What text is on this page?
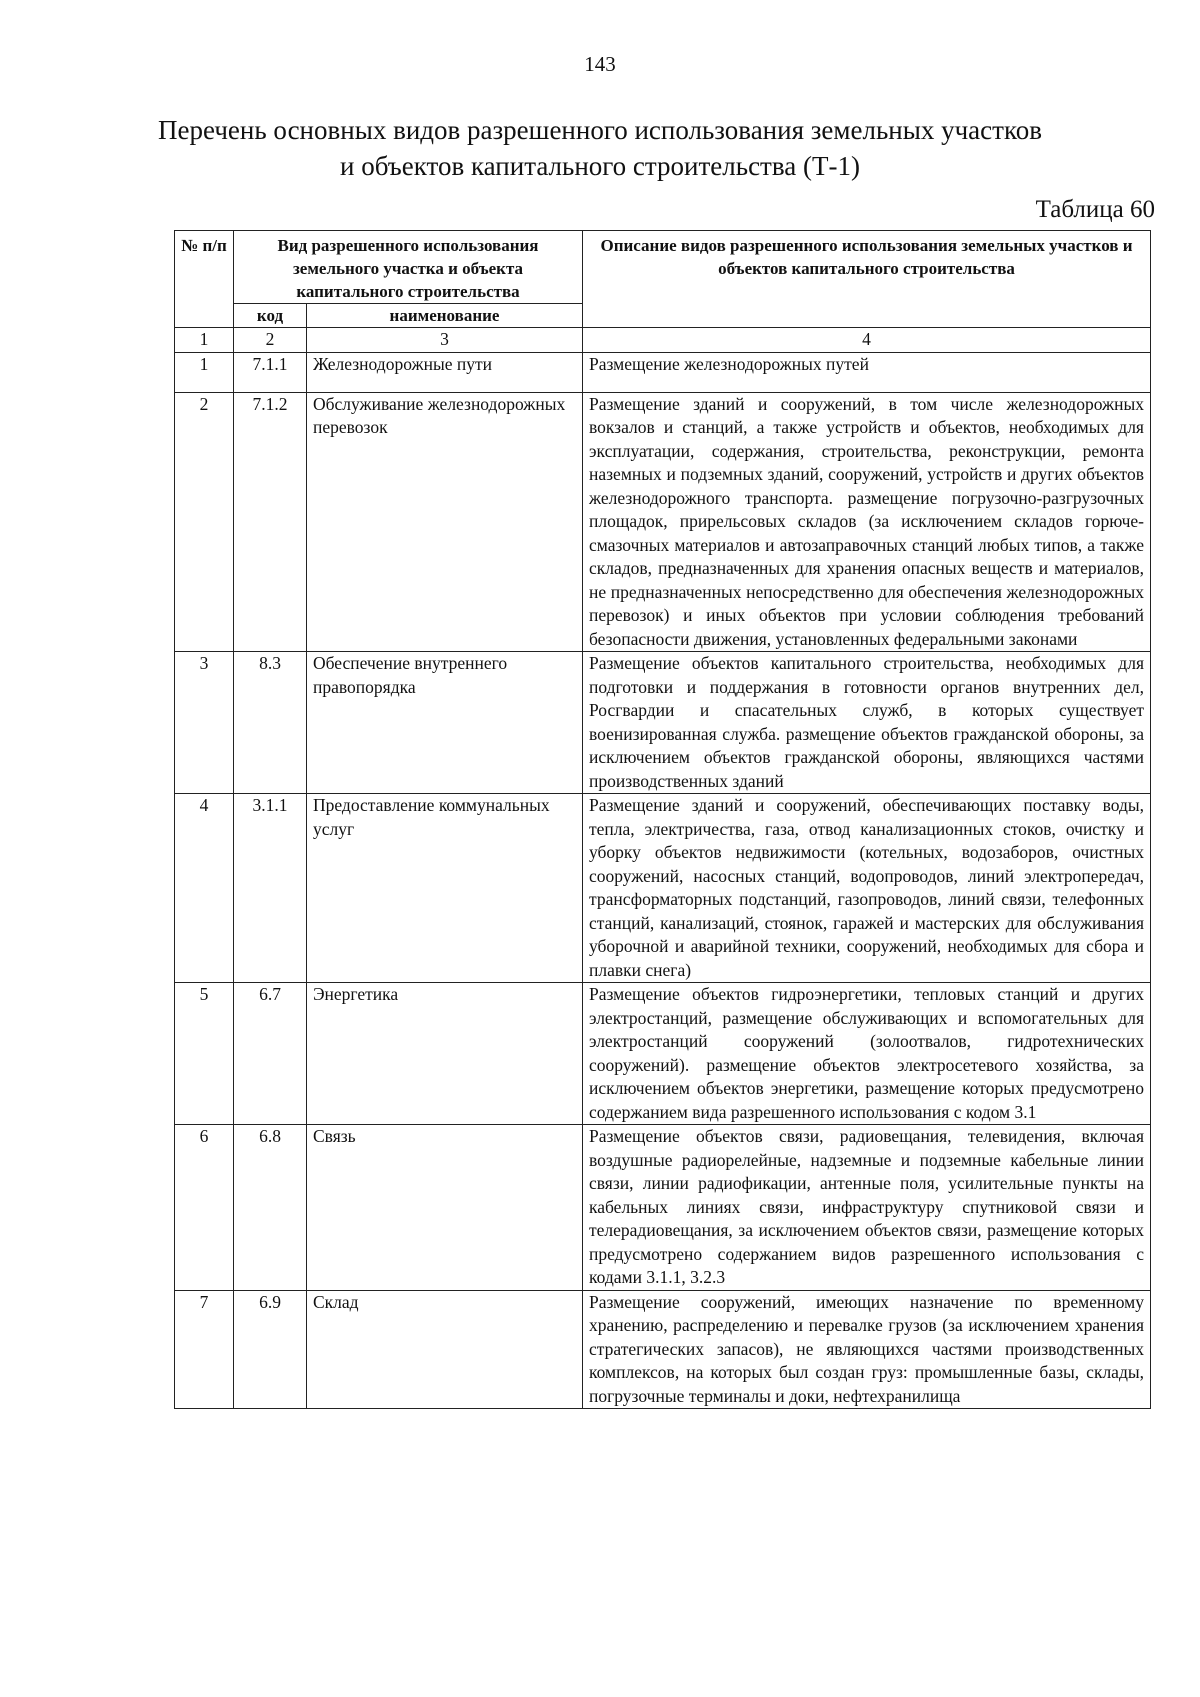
143
Перечень основных видов разрешенного использования земельных участков
и объектов капитального строительства (Т-1)
Таблица 60
№ п/п	Вид разрешенного использования земельного участка и объекта капитального строительства		Описание видов разрешенного использования земельных участков и объектов капитального строительства
	код	наименование	
1	2	3	4
1	7.1.1	Железнодорожные пути	Размещение железнодорожных путей
2	7.1.2	Обслуживание железнодорожных перевозок	Размещение зданий и сооружений, в том числе железнодорожных вокзалов и станций, а также устройств и объектов, необходимых для эксплуатации, содержания, строительства, реконструкции, ремонта наземных и подземных зданий, сооружений, устройств и других объектов железнодорожного транспорта. размещение погрузочно-разгрузочных площадок, прирельсовых складов (за исключением складов горюче-смазочных материалов и автозаправочных станций любых типов, а также складов, предназначенных для хранения опасных веществ и материалов, не предназначенных непосредственно для обеспечения железнодорожных перевозок) и иных объектов при условии соблюдения требований безопасности движения, установленных федеральными законами
3	8.3	Обеспечение внутреннего правопорядка	Размещение объектов капитального строительства, необходимых для подготовки и поддержания в готовности органов внутренних дел, Росгвардии и спасательных служб, в которых существует военизированная служба. размещение объектов гражданской обороны, за исключением объектов гражданской обороны, являющихся частями производственных зданий
4	3.1.1	Предоставление коммунальных услуг	Размещение зданий и сооружений, обеспечивающих поставку воды, тепла, электричества, газа, отвод канализационных стоков, очистку и уборку объектов недвижимости (котельных, водозаборов, очистных сооружений, насосных станций, водопроводов, линий электропередач, трансформаторных подстанций, газопроводов, линий связи, телефонных станций, канализаций, стоянок, гаражей и мастерских для обслуживания уборочной и аварийной техники, сооружений, необходимых для сбора и плавки снега)
5	6.7	Энергетика	Размещение объектов гидроэнергетики, тепловых станций и других электростанций, размещение обслуживающих и вспомогательных для электростанций сооружений (золоотвалов, гидротехнических сооружений). размещение объектов электросетевого хозяйства, за исключением объектов энергетики, размещение которых предусмотрено содержанием вида разрешенного использования с кодом 3.1
6	6.8	Связь	Размещение объектов связи, радиовещания, телевидения, включая воздушные радиорелейные, надземные и подземные кабельные линии связи, линии радиофикации, антенные поля, усилительные пункты на кабельных линиях связи, инфраструктуру спутниковой связи и телерадиовещания, за исключением объектов связи, размещение которых предусмотрено содержанием видов разрешенного использования с кодами 3.1.1, 3.2.3
7	6.9	Склад	Размещение сооружений, имеющих назначение по временному хранению, распределению и перевалке грузов (за исключением хранения стратегических запасов), не являющихся частями производственных комплексов, на которых был создан груз: промышленные базы, склады, погрузочные терминалы и доки, нефтехранилища
